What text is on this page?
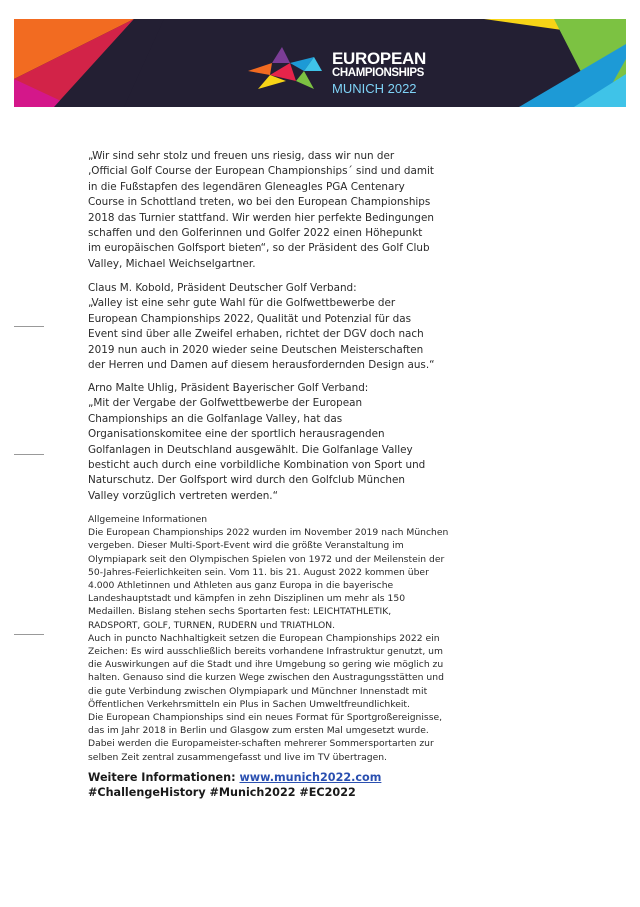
EUROPEAN
CHAMPIONSHIPS
MUNICH 2022

„Wir sind sehr stolz und freuen uns riesig, dass wir nun der

‚Official Golf Course der European Championships´ sind und damit

in die Fußstapfen des legendären Gleneagles PGA Centenary

Course in Schottland treten, wo bei den European Championships

2018 das Turnier stattfand. Wir werden hier perfekte Bedingungen

schaffen und den Golferinnen und Golfer 2022 einen Höhepunkt

im europäischen Golfsport bieten“, so der Präsident des Golf Club

Valley, Michael Weichselgartner.

Claus M. Kobold, Präsident Deutscher Golf Verband:

„Valley ist eine sehr gute Wahl für die Golfwettbewerbe der

European Championships 2022, Qualität und Potenzial für das

Event sind über alle Zweifel erhaben, richtet der DGV doch nach

2019 nun auch in 2020 wieder seine Deutschen Meisterschaften

der Herren und Damen auf diesem herausfordernden Design aus.“

Arno Malte Uhlig, Präsident Bayerischer Golf Verband:

„Mit der Vergabe der Golfwettbewerbe der European

Championships an die Golfanlage Valley, hat das

Organisationskomitee eine der sportlich herausragenden

Golfanlagen in Deutschland ausgewählt. Die Golfanlage Valley

besticht auch durch eine vorbildliche Kombination von Sport und

Naturschutz. Der Golfsport wird durch den Golfclub München

Valley vorzüglich vertreten werden.“

Allgemeine Informationen

Die European Championships 2022 wurden im November 2019 nach München

vergeben. Dieser Multi-Sport-Event wird die größte Veranstaltung im

Olympiapark seit den Olympischen Spielen von 1972 und der Meilenstein der

50-Jahres-Feierlichkeiten sein. Vom 11. bis 21. August 2022 kommen über

4.000 Athletinnen und Athleten aus ganz Europa in die bayerische

Landeshauptstadt und kämpfen in zehn Disziplinen um mehr als 150

Medaillen. Bislang stehen sechs Sportarten fest: LEICHTATHLETIK,

RADSPORT, GOLF, TURNEN, RUDERN und TRIATHLON.

Auch in puncto Nachhaltigkeit setzen die European Championships 2022 ein

Zeichen: Es wird ausschließlich bereits vorhandene Infrastruktur genutzt, um

die Auswirkungen auf die Stadt und ihre Umgebung so gering wie möglich zu

halten. Genauso sind die kurzen Wege zwischen den Austragungsstätten und

die gute Verbindung zwischen Olympiapark und Münchner Innenstadt mit

Öffentlichen Verkehrsmitteln ein Plus in Sachen Umweltfreundlichkeit.

Die European Championships sind ein neues Format für Sportgroßereignisse,

das im Jahr 2018 in Berlin und Glasgow zum ersten Mal umgesetzt wurde.

Dabei werden die Europameister-schaften mehrerer Sommersportarten zur

selben Zeit zentral zusammengefasst und live im TV übertragen.

Weitere Informationen: www.munich2022.com
#ChallengeHistory #Munich2022 #EC2022
